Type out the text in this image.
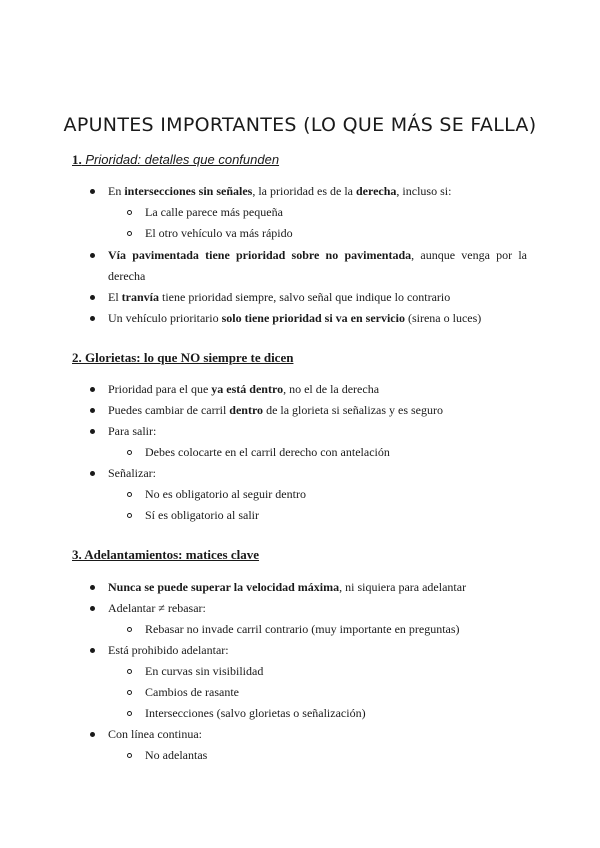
APUNTES IMPORTANTES (LO QUE MÁS SE FALLA)
1. Prioridad: detalles que confunden
En intersecciones sin señales, la prioridad es de la derecha, incluso si:
La calle parece más pequeña
El otro vehículo va más rápido
Vía pavimentada tiene prioridad sobre no pavimentada, aunque venga por la
derecha
El tranvía tiene prioridad siempre, salvo señal que indique lo contrario
Un vehículo prioritario solo tiene prioridad si va en servicio (sirena o luces)
2. Glorietas: lo que NO siempre te dicen
Prioridad para el que ya está dentro, no el de la derecha
Puedes cambiar de carril dentro de la glorieta si señalizas y es seguro
Para salir:
Debes colocarte en el carril derecho con antelación
Señalizar:
No es obligatorio al seguir dentro
Sí es obligatorio al salir
3. Adelantamientos: matices clave
Nunca se puede superar la velocidad máxima, ni siquiera para adelantar
Adelantar ≠ rebasar:
Rebasar no invade carril contrario (muy importante en preguntas)
Está prohibido adelantar:
En curvas sin visibilidad
Cambios de rasante
Intersecciones (salvo glorietas o señalización)
Con línea continua:
No adelantas
